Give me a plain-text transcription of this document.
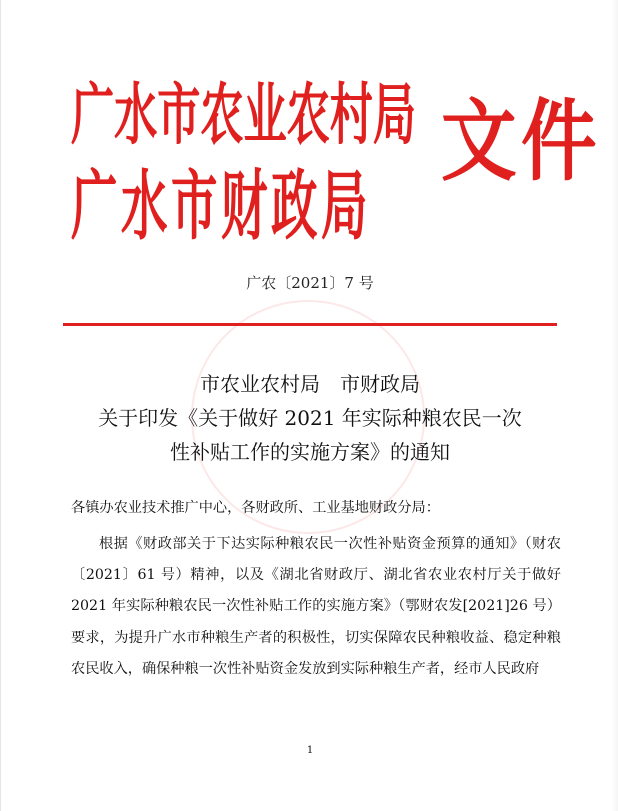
广水市农业农村局
广水市财政局
文件
广农〔2021〕7 号
市农业农村局　市财政局
关于印发《关于做好 2021 年实际种粮农民一次
性补贴工作的实施方案》的通知
各镇办农业技术推广中心，各财政所、工业基地财政分局：
根据《财政部关于下达实际种粮农民一次性补贴资金预算的通知》（财农〔2021〕61 号）精神，以及《湖北省财政厅、湖北省农业农村厅关于做好 2021 年实际种粮农民一次性补贴工作的实施方案》（鄂财农发[2021]26 号）要求，为提升广水市种粮生产者的积极性，切实保障农民种粮收益、稳定种粮农民收入，确保种粮一次性补贴资金发放到实际种粮生产者，经市人民政府
1
